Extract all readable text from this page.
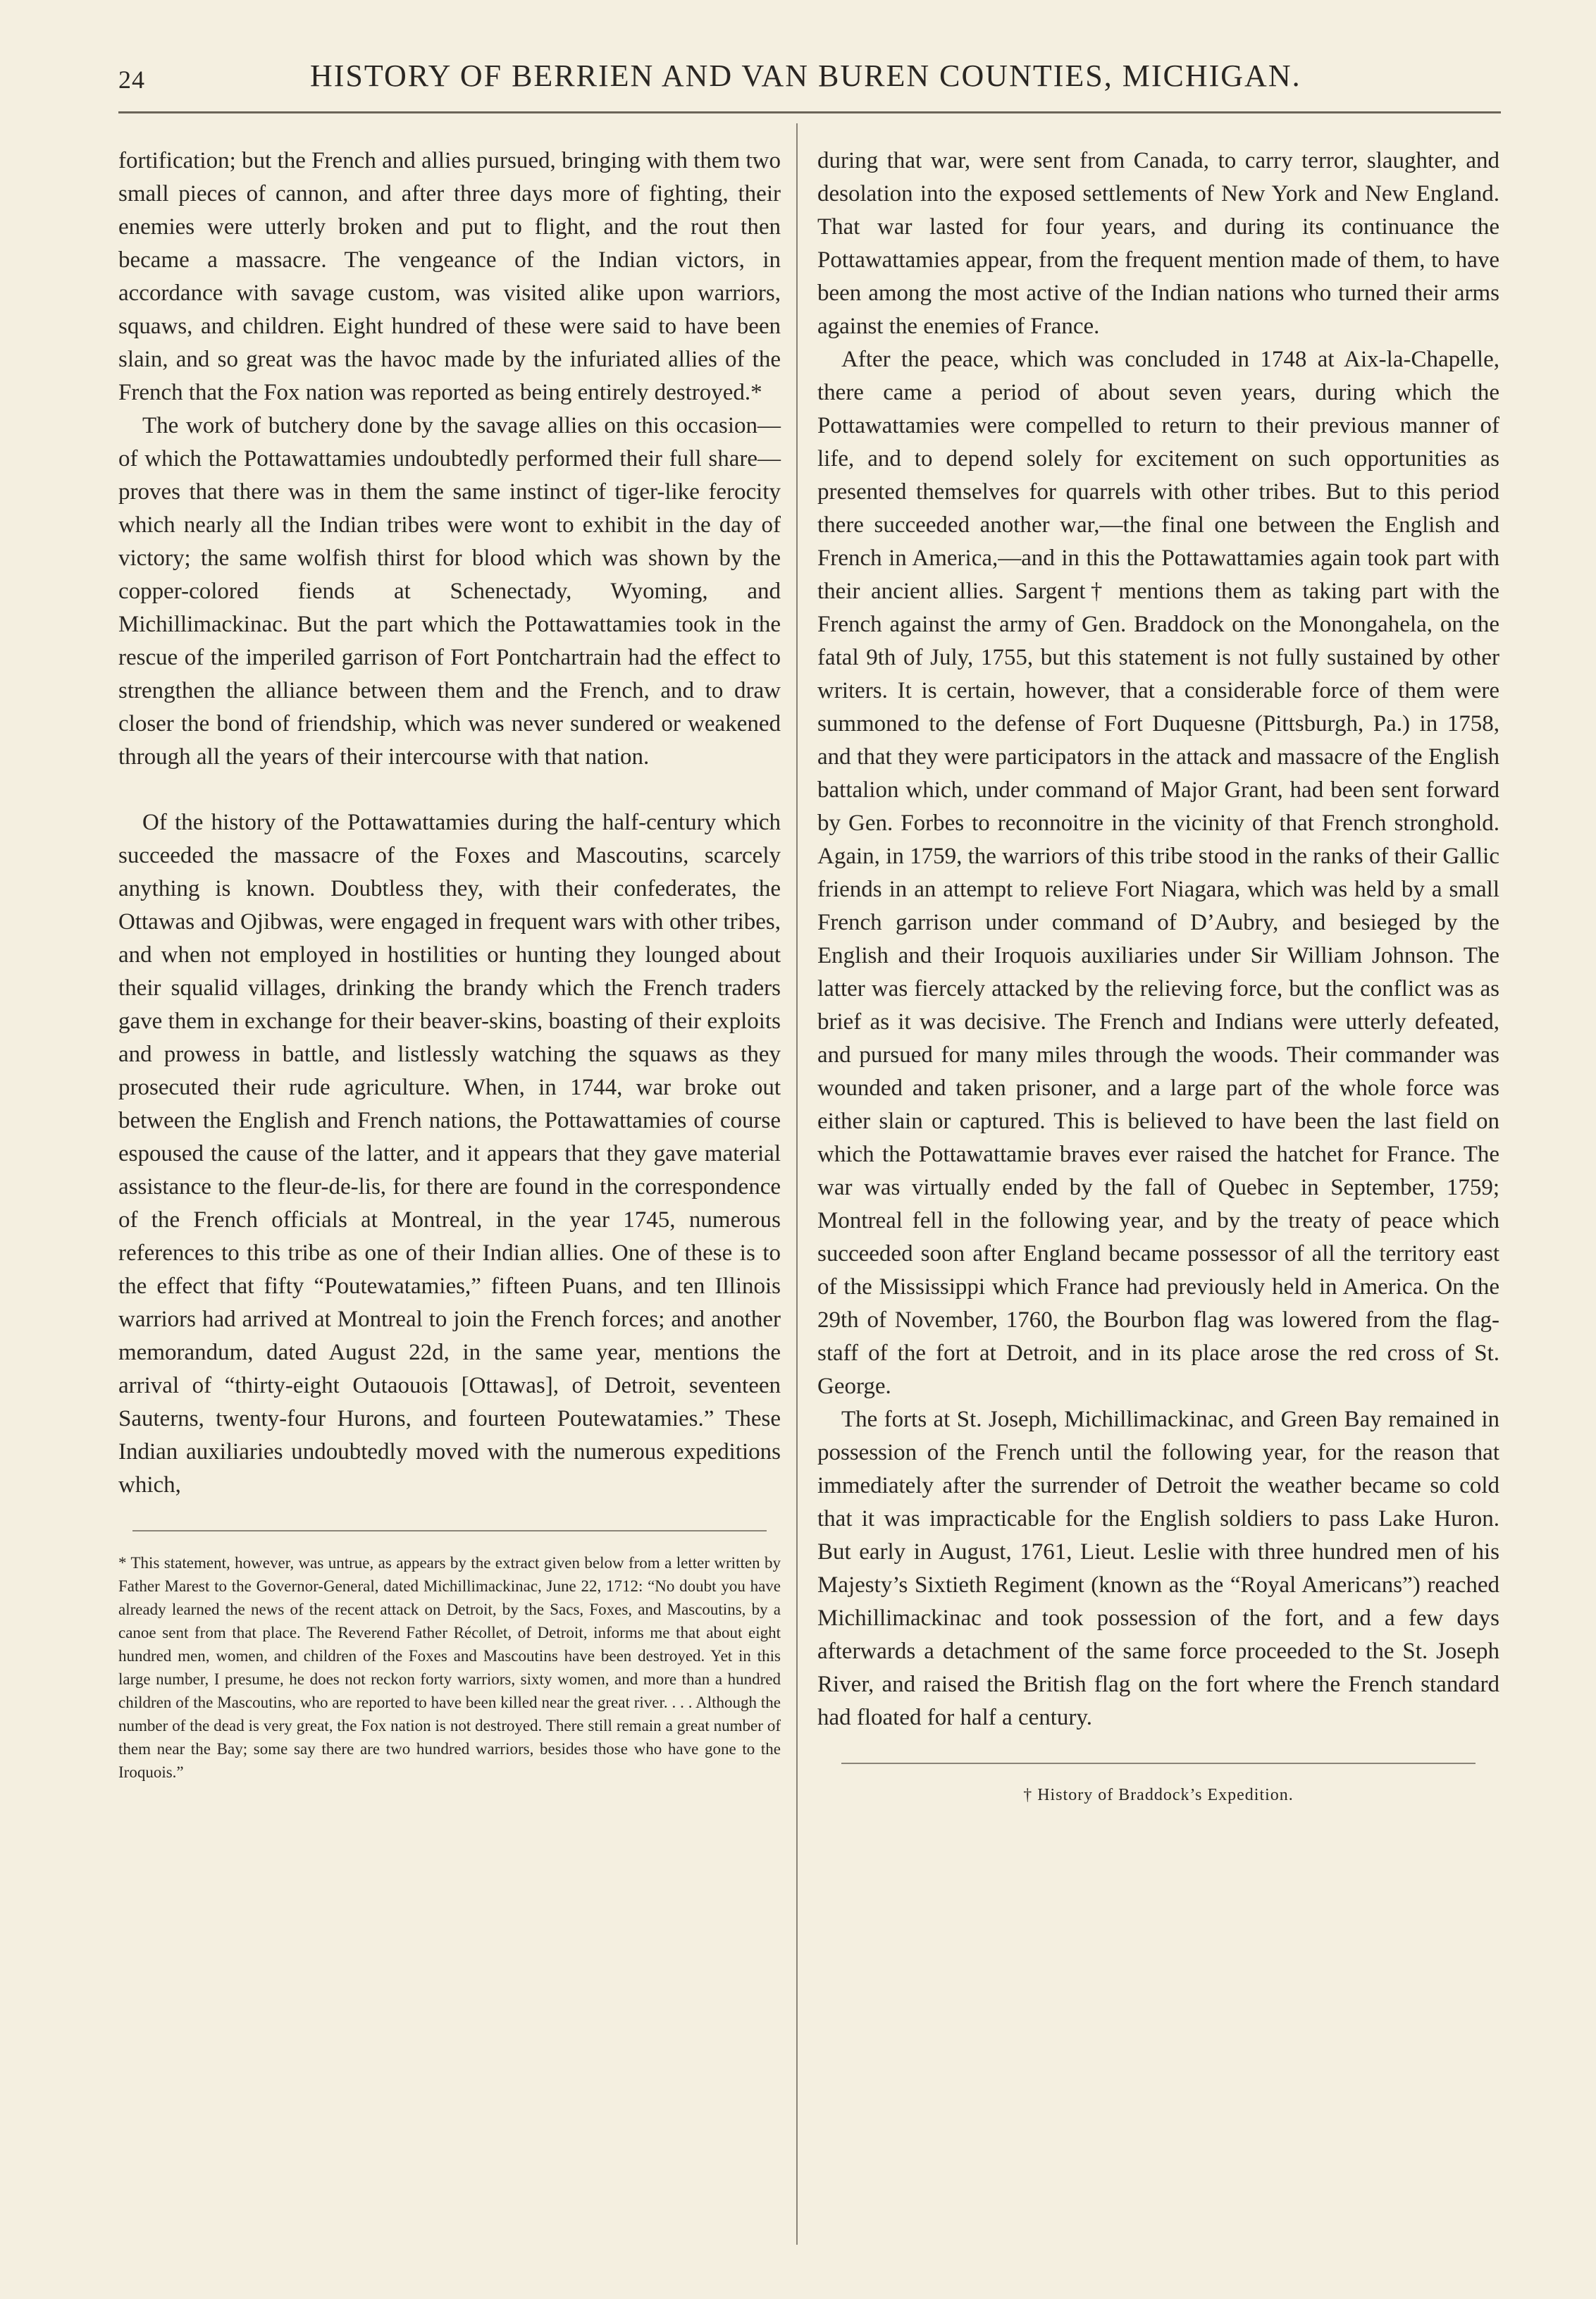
24	HISTORY OF BERRIEN AND VAN BUREN COUNTIES, MICHIGAN.

fortification; but the French and allies pursued, bringing with them two small pieces of cannon, and after three days more of fighting, their enemies were utterly broken and put to flight, and the rout then became a massacre. The vengeance of the Indian victors, in accordance with savage custom, was visited alike upon warriors, squaws, and children. Eight hundred of these were said to have been slain, and so great was the havoc made by the infuriated allies of the French that the Fox nation was reported as being entirely destroyed.*

The work of butchery done by the savage allies on this occasion—of which the Pottawattamies undoubtedly performed their full share—proves that there was in them the same instinct of tiger-like ferocity which nearly all the Indian tribes were wont to exhibit in the day of victory; the same wolfish thirst for blood which was shown by the copper-colored fiends at Schenectady, Wyoming, and Michillimackinac. But the part which the Pottawattamies took in the rescue of the imperiled garrison of Fort Pontchartrain had the effect to strengthen the alliance between them and the French, and to draw closer the bond of friendship, which was never sundered or weakened through all the years of their intercourse with that nation.

Of the history of the Pottawattamies during the half-century which succeeded the massacre of the Foxes and Mascoutins, scarcely anything is known. Doubtless they, with their confederates, the Ottawas and Ojibwas, were engaged in frequent wars with other tribes, and when not employed in hostilities or hunting they lounged about their squalid villages, drinking the brandy which the French traders gave them in exchange for their beaver-skins, boasting of their exploits and prowess in battle, and listlessly watching the squaws as they prosecuted their rude agriculture. When, in 1744, war broke out between the English and French nations, the Pottawattamies of course espoused the cause of the latter, and it appears that they gave material assistance to the fleur-de-lis, for there are found in the correspondence of the French officials at Montreal, in the year 1745, numerous references to this tribe as one of their Indian allies. One of these is to the effect that fifty “Poutewatamies,” fifteen Puans, and ten Illinois warriors had arrived at Montreal to join the French forces; and another memorandum, dated August 22d, in the same year, mentions the arrival of “thirty-eight Outaouois [Ottawas], of Detroit, seventeen Sauterns, twenty-four Hurons, and fourteen Poutewatamies.” These Indian auxiliaries undoubtedly moved with the numerous expeditions which,

* This statement, however, was untrue, as appears by the extract given below from a letter written by Father Marest to the Governor-General, dated Michillimackinac, June 22, 1712: “No doubt you have already learned the news of the recent attack on Detroit, by the Sacs, Foxes, and Mascoutins, by a canoe sent from that place. The Reverend Father Récollet, of Detroit, informs me that about eight hundred men, women, and children of the Foxes and Mascoutins have been destroyed. Yet in this large number, I presume, he does not reckon forty warriors, sixty women, and more than a hundred children of the Mascoutins, who are reported to have been killed near the great river. . . . Although the number of the dead is very great, the Fox nation is not destroyed. There still remain a great number of them near the Bay; some say there are two hundred warriors, besides those who have gone to the Iroquois.”

during that war, were sent from Canada, to carry terror, slaughter, and desolation into the exposed settlements of New York and New England. That war lasted for four years, and during its continuance the Pottawattamies appear, from the frequent mention made of them, to have been among the most active of the Indian nations who turned their arms against the enemies of France.

After the peace, which was concluded in 1748 at Aix-la-Chapelle, there came a period of about seven years, during which the Pottawattamies were compelled to return to their previous manner of life, and to depend solely for excitement on such opportunities as presented themselves for quarrels with other tribes. But to this period there succeeded another war,—the final one between the English and French in America,—and in this the Pottawattamies again took part with their ancient allies. Sargent† mentions them as taking part with the French against the army of Gen. Braddock on the Monongahela, on the fatal 9th of July, 1755, but this statement is not fully sustained by other writers. It is certain, however, that a considerable force of them were summoned to the defense of Fort Duquesne (Pittsburgh, Pa.) in 1758, and that they were participators in the attack and massacre of the English battalion which, under command of Major Grant, had been sent forward by Gen. Forbes to reconnoitre in the vicinity of that French stronghold. Again, in 1759, the warriors of this tribe stood in the ranks of their Gallic friends in an attempt to relieve Fort Niagara, which was held by a small French garrison under command of D’Aubry, and besieged by the English and their Iroquois auxiliaries under Sir William Johnson. The latter was fiercely attacked by the relieving force, but the conflict was as brief as it was decisive. The French and Indians were utterly defeated, and pursued for many miles through the woods. Their commander was wounded and taken prisoner, and a large part of the whole force was either slain or captured. This is believed to have been the last field on which the Pottawattamie braves ever raised the hatchet for France. The war was virtually ended by the fall of Quebec in September, 1759; Montreal fell in the following year, and by the treaty of peace which succeeded soon after England became possessor of all the territory east of the Mississippi which France had previously held in America. On the 29th of November, 1760, the Bourbon flag was lowered from the flag-staff of the fort at Detroit, and in its place arose the red cross of St. George.

The forts at St. Joseph, Michillimackinac, and Green Bay remained in possession of the French until the following year, for the reason that immediately after the surrender of Detroit the weather became so cold that it was impracticable for the English soldiers to pass Lake Huron. But early in August, 1761, Lieut. Leslie with three hundred men of his Majesty’s Sixtieth Regiment (known as the “Royal Americans”) reached Michillimackinac and took possession of the fort, and a few days afterwards a detachment of the same force proceeded to the St. Joseph River, and raised the British flag on the fort where the French standard had floated for half a century.

† History of Braddock’s Expedition.
